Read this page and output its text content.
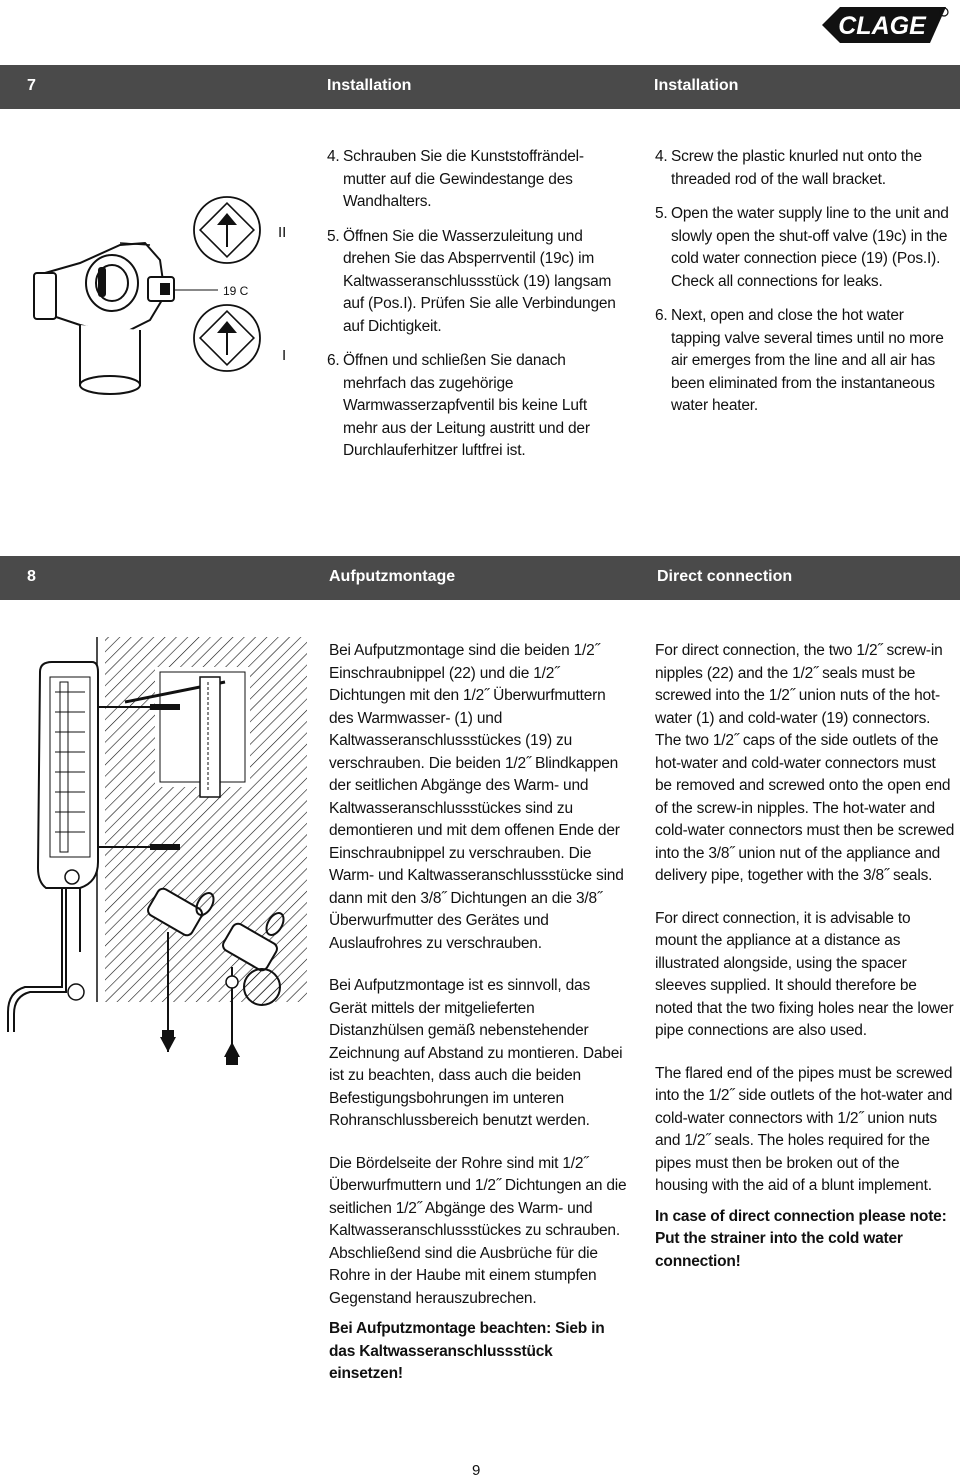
CLAGE
7	Installation	Installation
II
I
19 C
4. Schrauben Sie die Kunststoffrändel-mutter auf die Gewindestange des Wandhalters.
5. Öffnen Sie die Wasserzuleitung und drehen Sie das Absperrventil (19c) im Kaltwasseranschlussstück (19) langsam auf (Pos.I). Prüfen Sie alle Verbindungen auf Dichtigkeit.
6. Öffnen und schließen Sie danach mehrfach das zugehörige Warmwasserzapfventil bis keine Luft mehr aus der Leitung austritt und der Durchlauferhitzer luftfrei ist.
4. Screw the plastic knurled nut onto the threaded rod of the wall bracket.
5. Open the water supply line to the unit and slowly open the shut-off valve (19c) in the cold water connection piece (19) (Pos.I). Check all connections for leaks.
6. Next, open and close the hot water tapping valve several times until no more air emerges from the line and all air has been eliminated from the instantaneous water heater.
8	Aufputzmontage	Direct connection

Bei Aufputzmontage sind die beiden 1/2˝ Einschraubnippel (22) und die 1/2˝ Dichtungen mit den 1/2˝ Überwurfmuttern des Warmwasser- (1) und Kaltwasseranschlussstückes (19) zu verschrauben. Die beiden 1/2˝ Blindkappen der seitlichen Abgänge des Warm- und Kaltwasseranschlussstückes sind zu demontieren und mit dem offenen Ende der Einschraubnippel zu verschrauben. Die Warm- und Kaltwasseranschlussstücke sind dann mit den 3/8˝ Dichtungen an die 3/8˝ Überwurfmutter des Gerätes und Auslaufrohres zu verschrauben.

Bei Aufputzmontage ist es sinnvoll, das Gerät mittels der mitgelieferten Distanzhülsen gemäß nebenstehender Zeichnung auf Abstand zu montieren. Dabei ist zu beachten, dass auch die beiden Befestigungsbohrungen im unteren Rohranschlussbereich benutzt werden.

Die Bördelseite der Rohre sind mit 1/2˝ Überwurfmuttern und 1/2˝ Dichtungen an die seitlichen 1/2˝ Abgänge des Warm- und Kaltwasseranschlussstückes zu schrauben. Abschließend sind die Ausbrüche für die Rohre in der Haube mit einem stumpfen Gegenstand herauszubrechen.

Bei Aufputzmontage beachten: Sieb in das Kaltwasseranschlussstück einsetzen!

For direct connection, the two 1/2˝ screw-in nipples (22) and the 1/2˝ seals must be screwed into the 1/2˝ union nuts of the hot-water (1) and cold-water (19) connectors. The two 1/2˝ caps of the side outlets of the hot-water and cold-water connectors must be removed and screwed onto the open end of the screw-in nipples. The hot-water and cold-water connectors must then be screwed into the 3/8˝ union nut of the appliance and delivery pipe, together with the 3/8˝ seals.

For direct connection, it is advisable to mount the appliance at a distance as illustrated alongside, using the spacer sleeves supplied. It should therefore be noted that the two fixing holes near the lower pipe connections are also used.

The flared end of the pipes must be screwed into the 1/2˝ side outlets of the hot-water and cold-water connectors with 1/2˝ union nuts and 1/2˝ seals. The holes required for the pipes must then be broken out of the housing with the aid of a blunt implement.

In case of direct connection please note: Put the strainer into the cold water connection!

9
